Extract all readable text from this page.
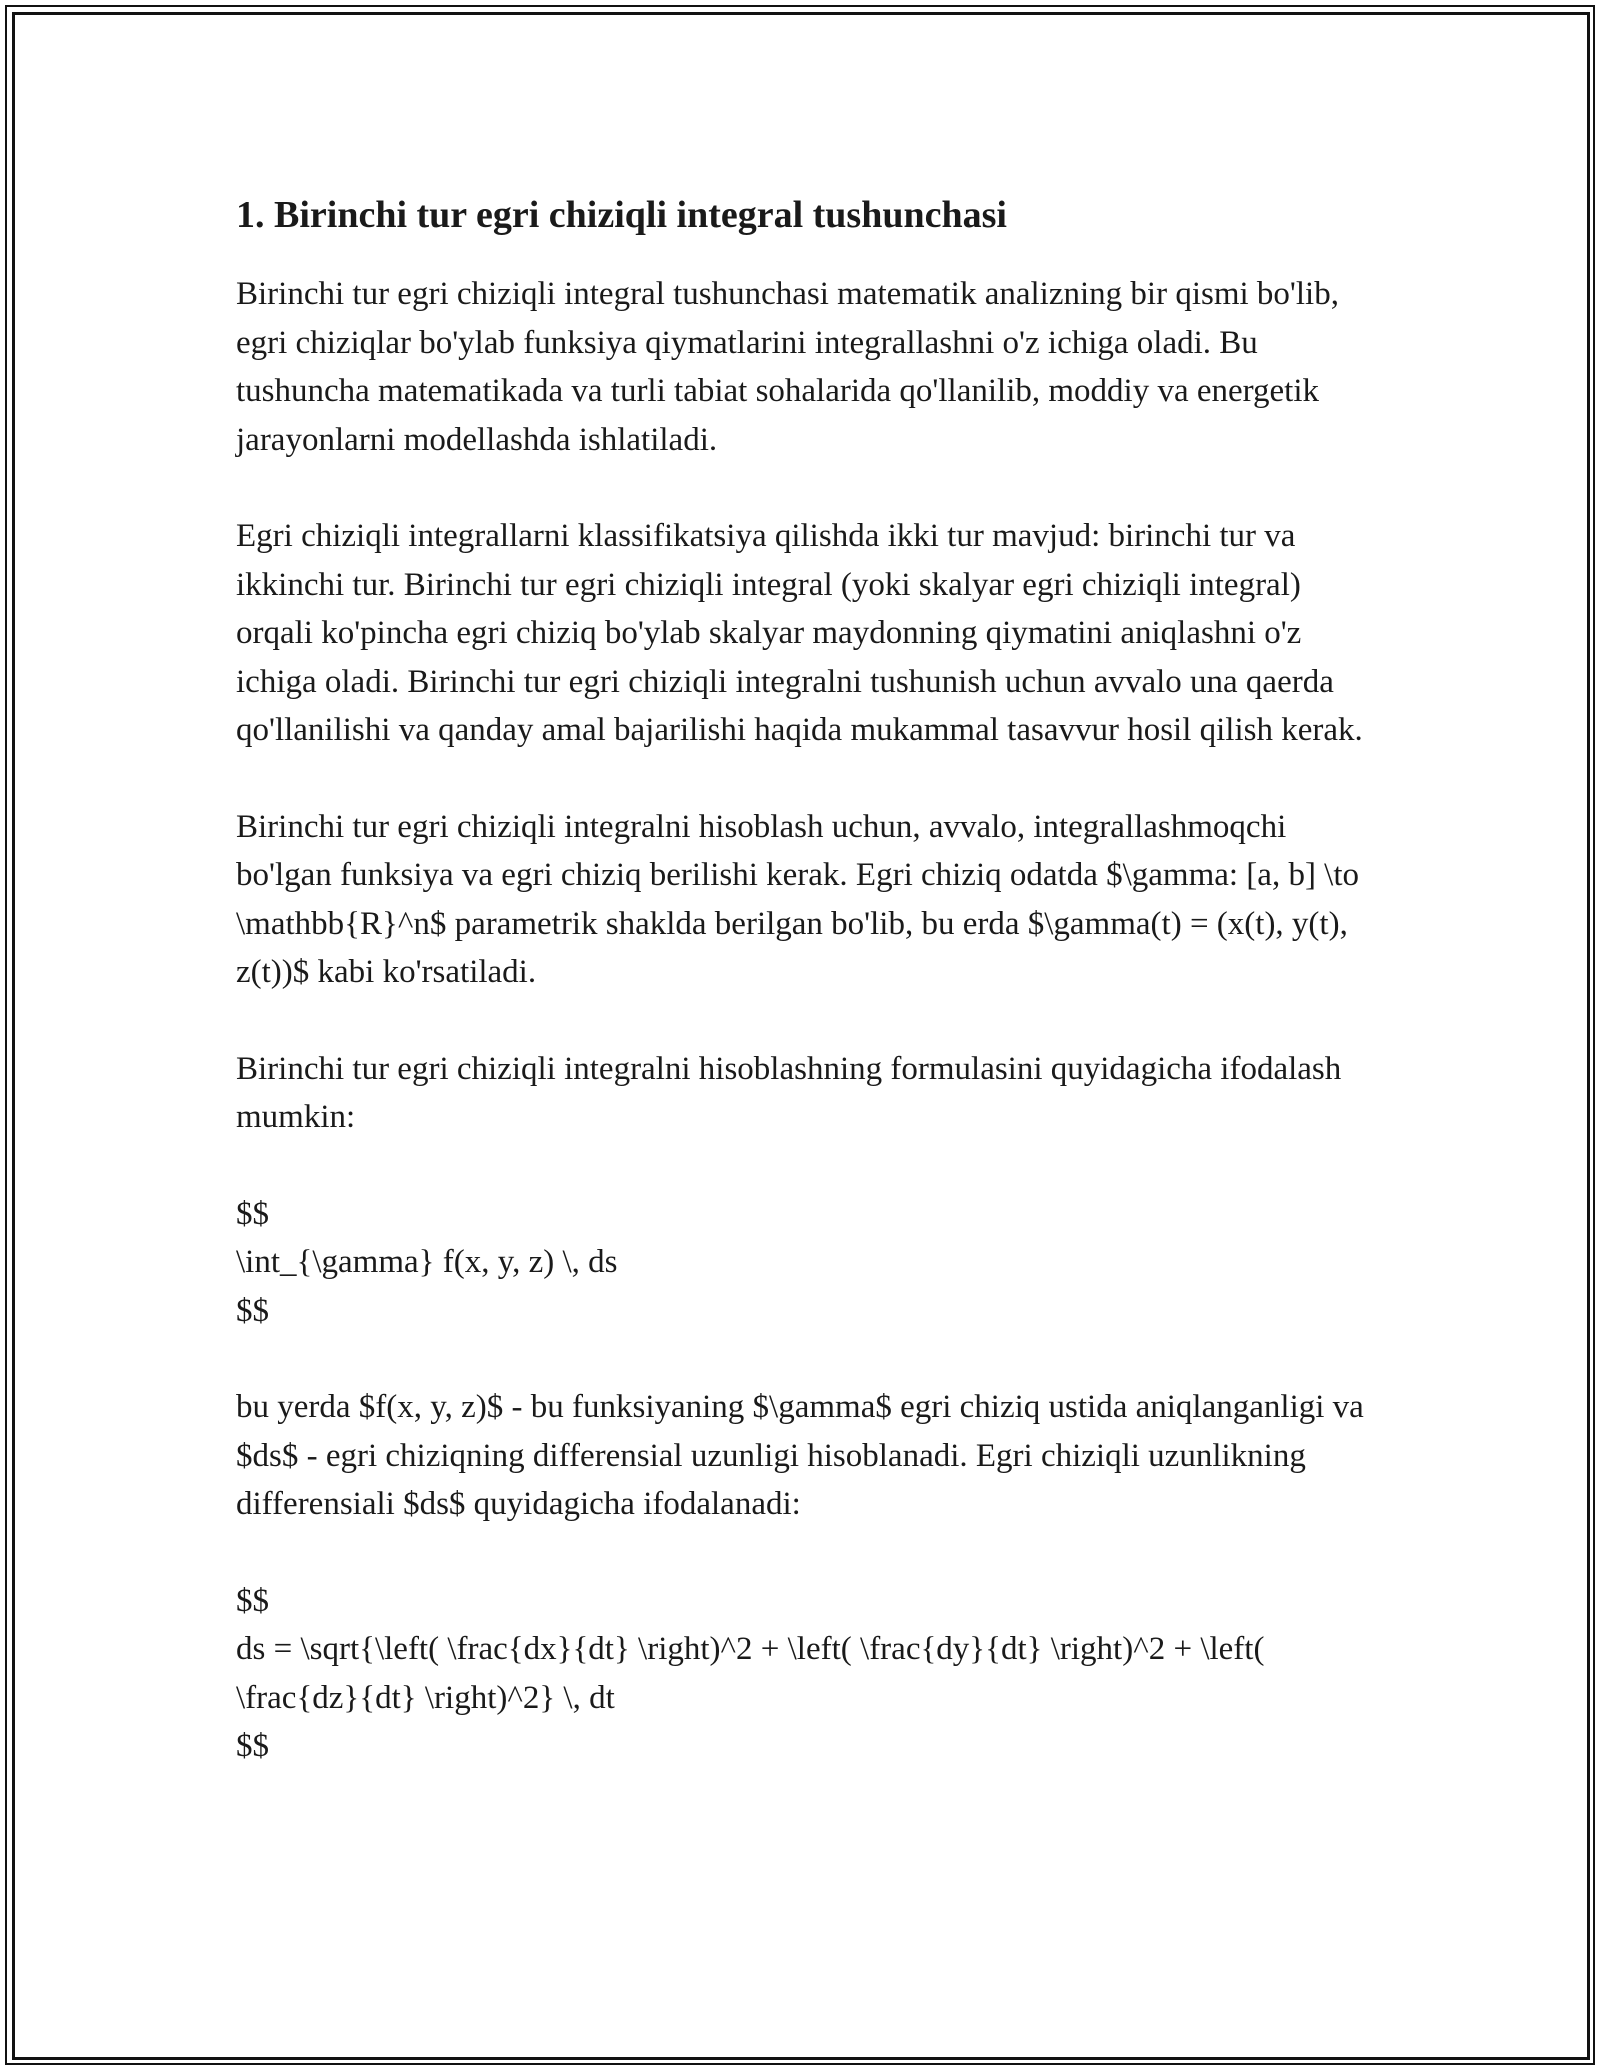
1. Birinchi tur egri chiziqli integral tushunchasi

Birinchi tur egri chiziqli integral tushunchasi matematik analizning bir qismi bo'lib, egri chiziqlar bo'ylab funksiya qiymatlarini integrallashni o'z ichiga oladi. Bu tushuncha matematikada va turli tabiat sohalarida qo'llanilib, moddiy va energetik jarayonlarni modellashda ishlatiladi.

Egri chiziqli integrallarni klassifikatsiya qilishda ikki tur mavjud: birinchi tur va ikkinchi tur. Birinchi tur egri chiziqli integral (yoki skalyar egri chiziqli integral) orqali ko'pincha egri chiziq bo'ylab skalyar maydonning qiymatini aniqlashni o'z ichiga oladi. Birinchi tur egri chiziqli integralni tushunish uchun avvalo una qaerda qo'llanilishi va qanday amal bajarilishi haqida mukammal tasavvur hosil qilish kerak.

Birinchi tur egri chiziqli integralni hisoblash uchun, avvalo, integrallashmoqchi bo'lgan funksiya va egri chiziq berilishi kerak. Egri chiziq odatda $\gamma: [a, b] \to \mathbb{R}^n$ parametrik shaklda berilgan bo'lib, bu erda $\gamma(t) = (x(t), y(t), z(t))$ kabi ko'rsatiladi.

Birinchi tur egri chiziqli integralni hisoblashning formulasini quyidagicha ifodalash mumkin:

$$
\int_{\gamma} f(x, y, z) \, ds
$$

bu yerda $f(x, y, z)$ - bu funksiyaning $\gamma$ egri chiziq ustida aniqlanganligi va $ds$ - egri chiziqning differensial uzunligi hisoblanadi. Egri chiziqli uzunlikning differensiali $ds$ quyidagicha ifodalanadi:

$$
ds = \sqrt{\left( \frac{dx}{dt} \right)^2 + \left( \frac{dy}{dt} \right)^2 + \left( \frac{dz}{dt} \right)^2} \, dt
$$
